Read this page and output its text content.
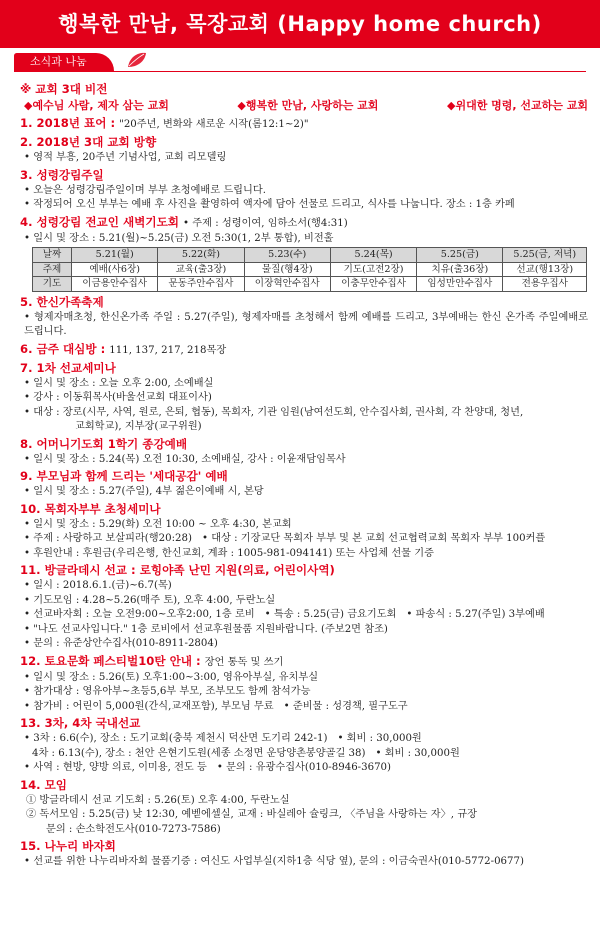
행복한 만남, 목장교회 (Happy home church)
소식과 나눔
※ 교회 3대 비전
◆예수님 사람, 제자 삼는 교회	◆행복한 만남, 사랑하는 교회	◆위대한 명령, 선교하는 교회
1. 2018년 표어 : "20주년, 변화와 새로운 시작(롬12:1~2)"
2. 2018년 3대 교회 방향
• 영적 부흥, 20주년 기념사업, 교회 리모델링
3. 성령강림주일
• 오늘은 성령강림주일이며 부부 초청예배로 드립니다.
• 작정되어 오신 부부는 예배 후 사진을 촬영하여 액자에 담아 선물로 드리고, 식사를 나눕니다. 장소 : 1층 카페
4. 성령강림 전교인 새벽기도회 • 주제 : 성령이여, 임하소서(행4:31)
• 일시 및 장소 : 5.21(월)~5.25(금) 오전 5:30(1, 2부 통합), 비전홀
날짜	5.21(월)	5.22(화)	5.23(수)	5.24(목)	5.25(금)	5.25(금, 저녁)
주제	예배(사6장)	교육(출3장)	물질(행4장)	기도(고전2장)	치유(출36장)	선교(행13장)
기도	이금용안수집사	문동주안수집사	이장혁안수집사	이충무안수집사	임성만안수집사	전용우집사
5. 한신가족축제
• 형제자매초청, 한신온가족 주일 : 5.27(주일), 형제자매를 초청해서 함께 예배를 드리고, 3부예배는 한신 온가족 주일예배로 드립니다.
6. 금주 대심방 : 111, 137, 217, 218목장
7. 1차 선교세미나
• 일시 및 장소 : 오늘 오후 2:00, 소예배실
• 강사 : 이동휘목사(바울선교회 대표이사)
• 대상 : 장로(시무, 사역, 원로, 은퇴, 협동), 목회자, 기관 임원(남여선도회, 안수집사회, 권사회, 각 찬양대, 청년,
교회학교), 지부장(교구위원)
8. 어머니기도회 1학기 종강예배
• 일시 및 장소 : 5.24(목) 오전 10:30, 소예배실, 강사 : 이윤재담임목사
9. 부모님과 함께 드리는 '세대공감' 예배
• 일시 및 장소 : 5.27(주일), 4부 젊은이예배 시, 본당
10. 목회자부부 초청세미나
• 일시 및 장소 : 5.29(화) 오전 10:00 ~ 오후 4:30, 본교회
• 주제 : 사랑하고 보살피라(행20:28) • 대상 : 기장교단 목회자 부부 및 본 교회 선교협력교회 목회자 부부 100커플
• 후원안내 : 후원금(우리은행, 한신교회, 계좌 : 1005-981-094141) 또는 사업체 선물 기증
11. 방글라데시 선교 : 로힝야족 난민 지원(의료, 어린이사역)
• 일시 : 2018.6.1.(금)~6.7(목)
• 기도모임 : 4.28~5.26(매주 토), 오후 4:00, 두란노실
• 선교바자회 : 오늘 오전9:00~오후2:00, 1층 로비 • 특송 : 5.25(금) 금요기도회 • 파송식 : 5.27(주일) 3부예배
• "나도 선교사입니다." 1층 로비에서 선교후원물품 지원바랍니다. (주보2면 참조)
• 문의 : 유준상안수집사(010-8911-2804)
12. 토요문화 페스티벌10탄 안내 : 장언 통독 및 쓰기
• 일시 및 장소 : 5.26(토) 오후1:00~3:00, 영유아부실, 유치부실
• 참가대상 : 영유아부~초등5,6부 부모, 조부모도 함께 참석가능
• 참가비 : 어린이 5,000원(간식,교재포함), 부모님 무료 • 준비물 : 성경책, 필구도구
13. 3차, 4차 국내선교
• 3차 : 6.6(수), 장소 : 도기교회(충북 제천시 덕산면 도기리 242-1) • 회비 : 30,000원
4차 : 6.13(수), 장소 : 천안 은현기도원(세종 소정면 운당양촌봉양골길 38) • 회비 : 30,000원
• 사역 : 현방, 양방 의료, 이미용, 전도 등 • 문의 : 유광수집사(010-8946-3670)
14. 모임
① 방글라데시 선교 기도회 : 5.26(토) 오후 4:00, 두란노실
② 독서모임 : 5.25(금) 낮 12:30, 예벧에셀실, 교재 : 바실레아 슐링크, 〈주님을 사랑하는 자〉, 규장
문의 : 손소학전도사(010-7273-7586)
15. 나누리 바자회
• 선교를 위한 나누리바자회 물품기증 : 여신도 사업부실(지하1층 식당 옆), 문의 : 이금숙권사(010-5772-0677)
